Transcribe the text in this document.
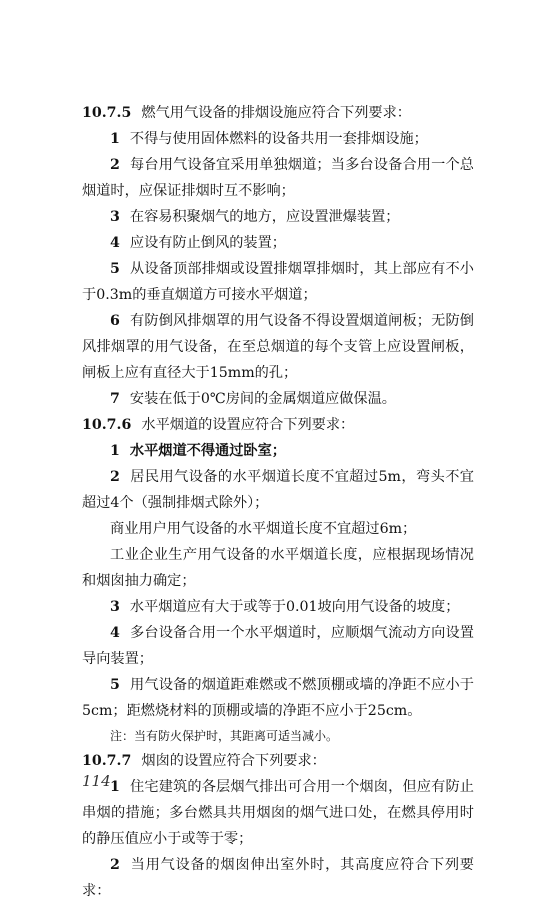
10.7.5 燃气用气设备的排烟设施应符合下列要求：

1 不得与使用固体燃料的设备共用一套排烟设施；

2 每台用气设备宜采用单独烟道；当多台设备合用一个总烟道时，应保证排烟时互不影响；

3 在容易积聚烟气的地方，应设置泄爆装置；

4 应设有防止倒风的装置；

5 从设备顶部排烟或设置排烟罩排烟时，其上部应有不小于0.3m的垂直烟道方可接水平烟道；

6 有防倒风排烟罩的用气设备不得设置烟道闸板；无防倒风排烟罩的用气设备，在至总烟道的每个支管上应设置闸板，闸板上应有直径大于15mm的孔；

7 安装在低于0℃房间的金属烟道应做保温。

10.7.6 水平烟道的设置应符合下列要求：

1 水平烟道不得通过卧室；

2 居民用气设备的水平烟道长度不宜超过5m，弯头不宜超过4个（强制排烟式除外）；

商业用户用气设备的水平烟道长度不宜超过6m；

工业企业生产用气设备的水平烟道长度，应根据现场情况和烟囱抽力确定；

3 水平烟道应有大于或等于0.01坡向用气设备的坡度；

4 多台设备合用一个水平烟道时，应顺烟气流动方向设置导向装置；

5 用气设备的烟道距难燃或不燃顶棚或墙的净距不应小于5cm；距燃烧材料的顶棚或墙的净距不应小于25cm。

注：当有防火保护时，其距离可适当减小。

10.7.7 烟囱的设置应符合下列要求：

1 住宅建筑的各层烟气排出可合用一个烟囱，但应有防止串烟的措施；多台燃具共用烟囱的烟气进口处，在燃具停用时的静压值应小于或等于零；

2 当用气设备的烟囱伸出室外时，其高度应符合下列要求：

114
